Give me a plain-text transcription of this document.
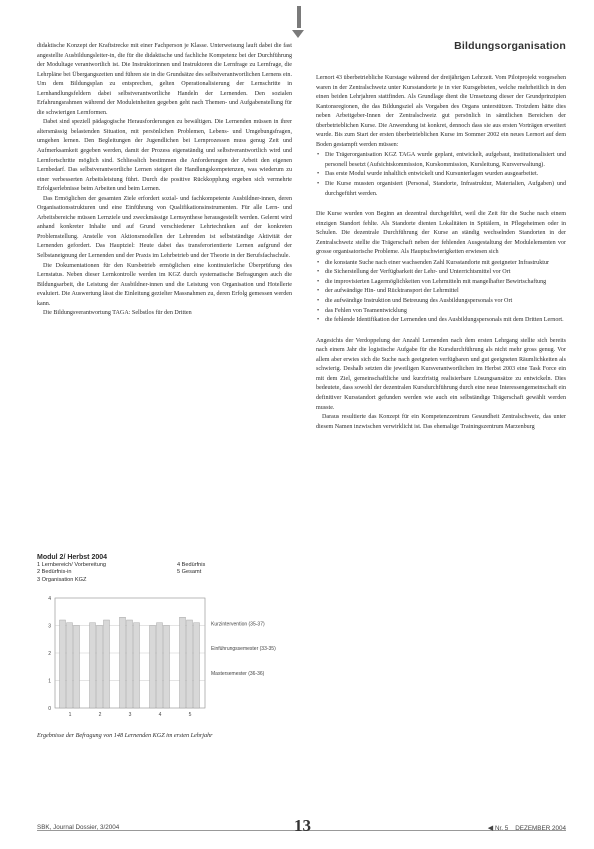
Bildungsorganisation

didaktische Konzept der Kraftstrecke mit einer Fachperson je Klasse. Unterweisung lauft dabei die fast angestellte Ausbildungsleiter-in, die für die didaktische und fachliche Kompetenz bei der Durchführung der Modultage verantwortlich ist. Die Instruktorinnen und Instruktoren die Lernfrage zu Lernfrage, die Lehrpläne bei Übergangszeiten und führen sie in die Grundsätze des selbstverantwortlichen Lernens ein. Um dem Bildungsplan zu entsprechen, gelten Operationalisierung der Lernschritte in Lernhandlungsfeldern dabei selbstverantwortliche Handeln der Lernenden. Den sozialen Erfahrungsrahmen während der Moduleinheiten gegeben geht nach Themen- und Aufgabenstellung für die schwierigen Lernformen.

Dabei sind speziell pädagogische Herausforderungen zu bewältigen. Die Lernenden müssen in ihrer altersmässig belastenden Situation, mit persönlichen Problemen, Lebens- und Umgebungsfragen, umgehen lernen. Den Begleitungen der Jugendlichen bei Lernprozessen muss genug Zeit und Aufmerksamkeit gegeben werden, damit der Prozess eigenständig und selbstverantwortlich wird und Lernfortschritte möglich sind. Schliesslich bestimmen die Anforderungen der Arbeit den eigenen Lernbedarf. Das selbstverantwortliche Lernen steigert die Handlungskompetenzen, was wiederum zu einer verbesserten Arbeitsleistung führt. Durch die positive Rückkopplung ergeben sich vermehrte Erfolgserlebnisse beim Arbeiten und beim Lernen.

Das Ermöglichen der gesamten Ziele erfordert sozial- und fachkompetente Ausbildner-innen, deren Organisationsstrukturen und eine Einführung von Qualifikationsinstrumenten. Für alle Lern- und Arbeitsbereiche müssen Lernziele und zweckmässige Lernsynthese herausgestellt werden. Gelernt wird anhand konkreter Inhalte und auf Grund verschiedener Lehrtechniken auf der konkreten Problemstellung. Anstelle von Aktionsmodellen der Lehrenden ist selbstständige Aktivität der Lernenden gefordert. Das Hauptziel: Heute dabei das transferorientierte Lernen aufgrund der Selbstaneignung der Lernenden und der Praxis im Lehrbetrieb und der Theorie in der Berufsfachschule.

Die Dokumentationen für den Kursbetrieb ermöglichen eine kontinuierliche Überprüfung des Lernstatus. Neben dieser Lernkontrolle werden im KGZ durch systematische Befragungen auch die Bildungsarbeit, die Leistung der Ausbildner-innen und die Leistung von Organisation und Hotellerie evaluiert. Die Auswertung lässt die Einleitung gezielter Massnahmen zu, deren Erfolg gemessen werden kann.

Die Bildungsverantwortung TAGA: Selbstlos für den Dritten

Lernort 43 überbetriebliche Kurstage während der dreijährigen Lehrzeit. Vom Pilotprojekt vorgesehen waren in der Zentralschweiz unter Kursstandorte je in vier Kursgebieten, welche mehrheitlich in den einen beiden Lehrjahren stattfinden. Als Grundlage dient die Umsetzung dieser der Grundprinzipien Kantonsregionen, die das Bildungsziel als Vorgaben des Organs unterstützen. Trotzdem hätte dies neben Arbeitgeber-Innen der Zentralschweiz gut persönlich in sämtlichen Bereichen der überbetrieblichen Kurse. Die Anwendung ist konkret, dennoch dass sie aus ersten Vorträgen erweitert wurde. Bis zum Start der ersten überbetrieblichen Kurse im Sommer 2002 ein neues Lernort auf dem Boden gestampft werden müssen:

• Die Trägerorganisation KGZ TAGA wurde geplant, entwickelt, aufgebaut, institutionalisiert und personell besetzt (Aufsichtskommission, Kurskommission, Kursleitung, Kursverwaltung).
• Das erste Modul wurde inhaltlich entwickelt und Kursunterlagen wurden ausgearbeitet.
• Die Kurse mussten organisiert (Personal, Standorte, Infrastruktur, Materialien, Aufgaben) und durchgeführt werden.

Die Kurse wurden von Beginn an dezentral durchgeführt, weil die Zeit für die Suche nach einem einzigen Standort fehlte. Als Standorte dienten Lokalitäten in Spitälern, in Pflegeheimen oder in Schulen. Die dezentrale Durchführung der Kurse an ständig wechselnden Standorten in der Zentralschweiz stellte die Trägerschaft neben der fehlenden Ausgestaltung der Modulelementen vor grosse organisatorische Probleme. Als Hauptschwierigkeiten erwiesen sich

• die konstante Suche nach einer wachsenden Zahl Kursstandorte mit geeigneter Infrastruktur
• die Sicherstellung der Verfügbarkeit der Lehr- und Unterrichtsmittel vor Ort
• die improvisierten Lagermöglichkeiten von Lehrmitteln mit mangelhafter Bewirtschaftung
• der aufwändige Hin- und Rücktransport der Lehrmittel
• die aufwändige Instruktion und Betreuung des Ausbildungspersonals vor Ort
• das Fehlen von Teamentwicklung
• die fehlende Identifikation der Lernenden und des Ausbildungspersonals mit dem Dritten Lernort.

Angesichts der Verdoppelung der Anzahl Lernenden nach dem ersten Lehrgang stellte sich bereits nach einem Jahr die logistische Aufgabe für die Kursdurchführung als nicht mehr gross genug. Vor allem aber erwies sich die Suche nach geeigneten verfügbaren und gut geeigneten Räumlichkeiten als schwierig. Deshalb setzten die jeweiligen Kursverantwortlichen im Herbst 2003 eine Task Force ein mit dem Ziel, gemeinschaftliche und kurzfristig realisierbare Lösungsansätze zu entwickeln. Dies bedeutete, dass sowohl der dezentralen Kursdurchführung durch eine neue Interessengemeinschaft ein definitiver Kursstandort gefunden werden wie auch ein selbständige Trägerschaft gewählt werden musste.

Daraus resultierte das Konzept für ein Kompetenzzentrum Gesundheit Zentralschweiz, das unter diesem Namen inzwischen verwirklicht ist. Das ehemalige Trainingszentrum Marzenburg

Modul 2/ Herbst 2004

1 Lernbereich/ Vorbereitung	4 Bedürfnis
2 Bedürfnis-in	5 Gesamt
3 Organisation KGZ
0
1
2
3
4
1	2	3	4	5
Kurzintervention (35-37)
Einführungssemester (33-35)
Mastersemester (36-36)
Ergebnisse der Befragung von 148 Lernenden KGZ im ersten Lehrjahr
SBK, Journal Dossier, 3/2004	13	◀ Nr. 5 DEZEMBER 2004
